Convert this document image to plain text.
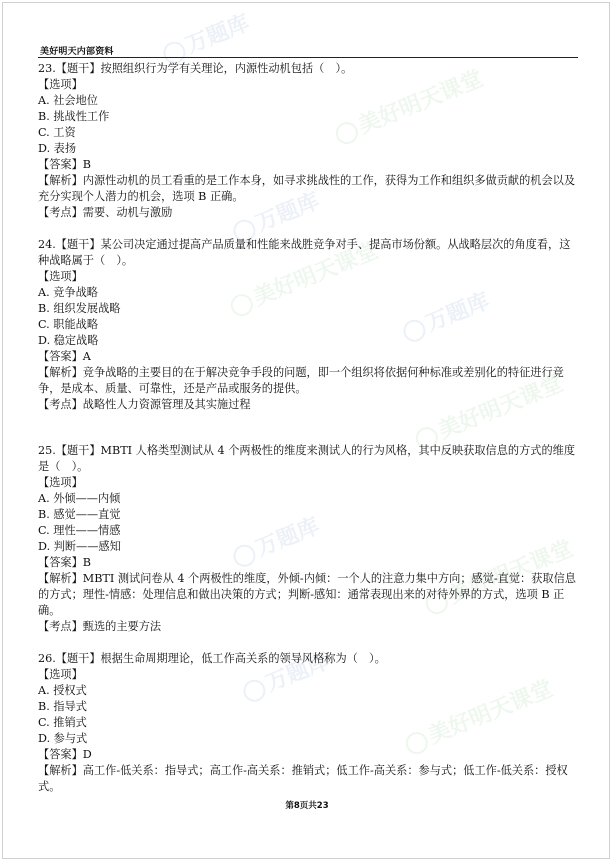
万题库
美好明天课堂
万题库
美好明天课堂
万题库
美好明天课堂
万题库	美好明天课堂
万题库
美好明天课堂
美好明天内部资料

23.【题干】按照组织行为学有关理论，内源性动机包括（　）。

【选项】

A. 社会地位

B. 挑战性工作

C. 工资

D. 表扬

【答案】B

【解析】内源性动机的员工看重的是工作本身，如寻求挑战性的工作，获得为工作和组织多做贡献的机会以及充分实现个人潜力的机会，选项 B 正确。

【考点】需要、动机与激励

24.【题干】某公司决定通过提高产品质量和性能来战胜竞争对手、提高市场份额。从战略层次的角度看，这种战略属于（　）。

【选项】

A. 竞争战略

B. 组织发展战略

C. 职能战略

D. 稳定战略

【答案】A

【解析】竞争战略的主要目的在于解决竞争手段的问题，即一个组织将依据何种标准或差别化的特征进行竞争，是成本、质量、可靠性，还是产品或服务的提供。

【考点】战略性人力资源管理及其实施过程

25.【题干】MBTI 人格类型测试从 4 个两极性的维度来测试人的行为风格，其中反映获取信息的方式的维度是（　）。

【选项】

A. 外倾——内倾

B. 感觉——直觉

C. 理性——情感

D. 判断——感知

【答案】B

【解析】MBTI 测试问卷从 4 个两极性的维度，外倾-内倾：一个人的注意力集中方向；感觉-直觉：获取信息的方式；理性-情感：处理信息和做出决策的方式；判断-感知：通常表现出来的对待外界的方式，选项 B 正确。

【考点】甄选的主要方法

26.【题干】根据生命周期理论，低工作高关系的领导风格称为（　）。

【选项】

A. 授权式

B. 指导式

C. 推销式

D. 参与式

【答案】D

【解析】高工作-低关系：指导式；高工作-高关系：推销式；低工作-高关系：参与式；低工作-低关系：授权式。

第8页共23
